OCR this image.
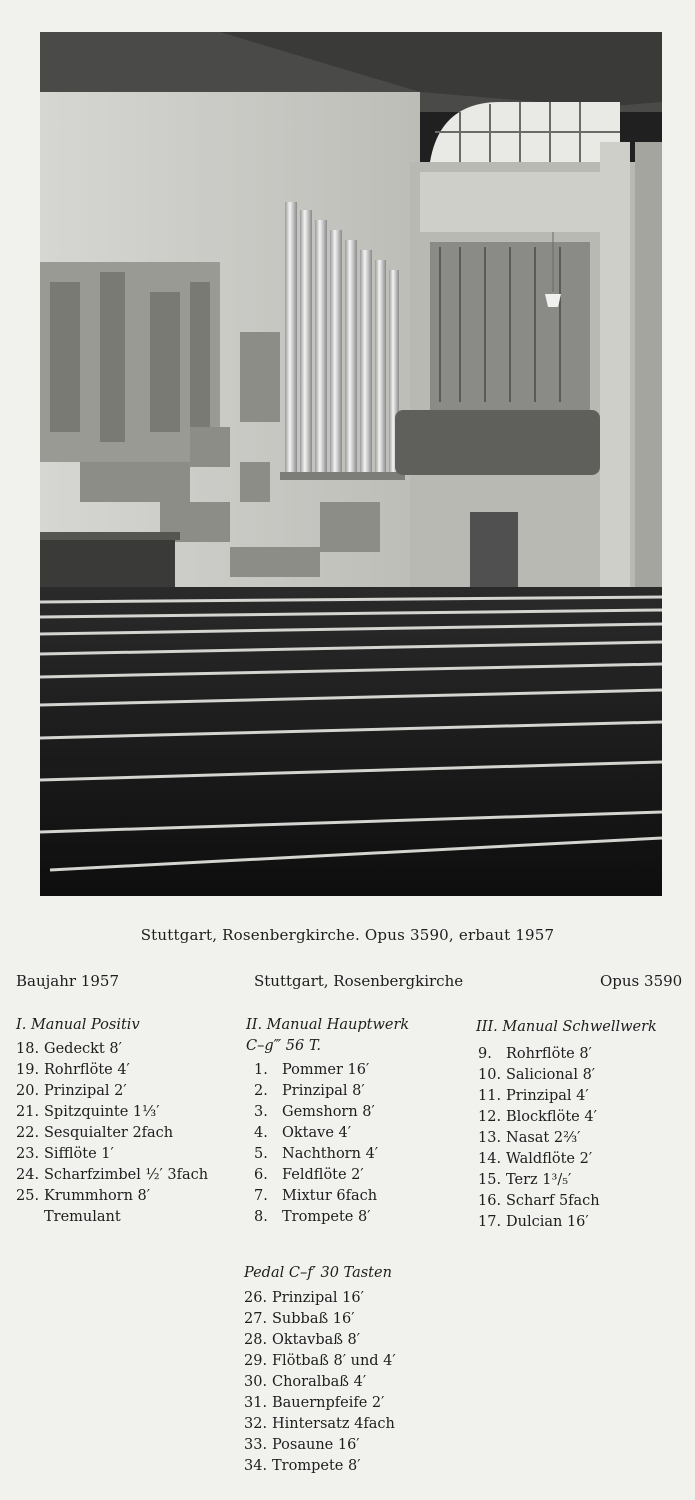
Stuttgart, Rosenbergkirche. Opus 3590, erbaut 1957
Baujahr 1957	Stuttgart, Rosenbergkirche	Opus 3590
I. Manual Positiv
18. Gedeckt 8′
19. Rohrflöte 4′
20. Prinzipal 2′
21. Spitzquinte 1⅓′
22. Sesquialter 2fach
23. Sifflöte 1′
24. Scharfzimbel ½′ 3fach
25. Krummhorn 8′
Tremulant
II. Manual Hauptwerk
C–g‴ 56 T.
1. Pommer 16′
2. Prinzipal 8′
3. Gemshorn 8′
4. Oktave 4′
5. Nachthorn 4′
6. Feldflöte 2′
7. Mixtur 6fach
8. Trompete 8′
III. Manual Schwellwerk
9. Rohrflöte 8′
10. Salicional 8′
11. Prinzipal 4′
12. Blockflöte 4′
13. Nasat 2⅔′
14. Waldflöte 2′
15. Terz 1³/₅′
16. Scharf 5fach
17. Dulcian 16′
Pedal C–f′ 30 Tasten
26. Prinzipal 16′
27. Subbaß 16′
28. Oktavbaß 8′
29. Flötbaß 8′ und 4′
30. Choralbaß 4′
31. Bauernpfeife 2′
32. Hintersatz 4fach
33. Posaune 16′
34. Trompete 8′
